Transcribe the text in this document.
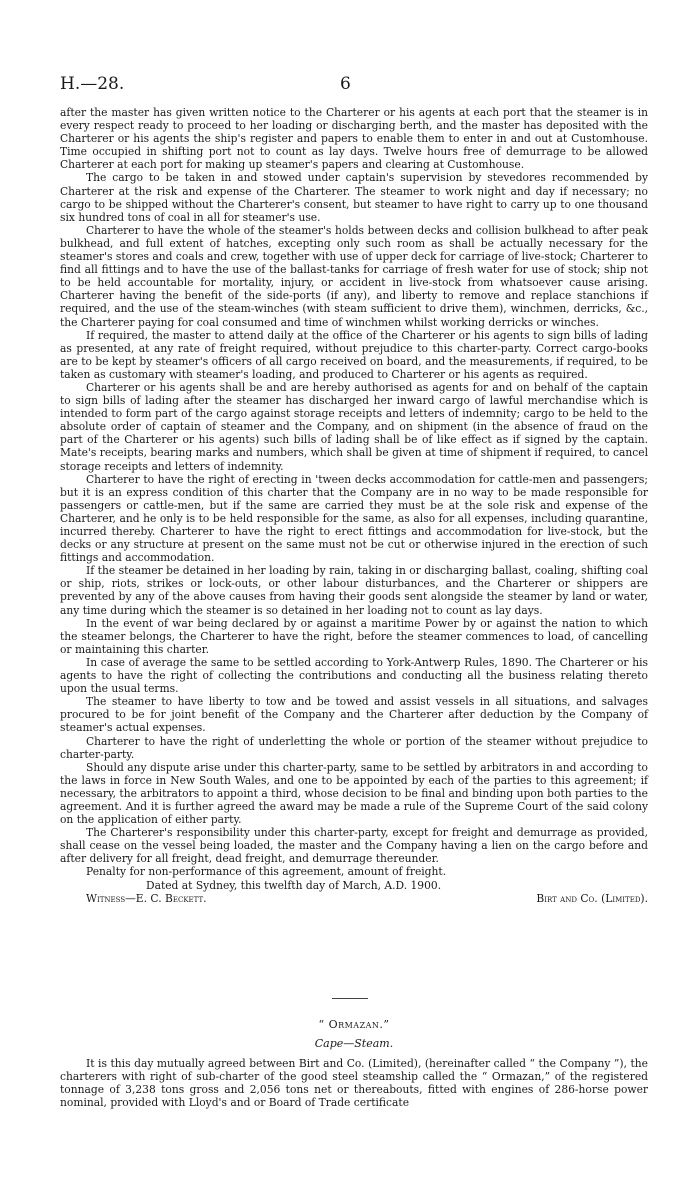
H.—28.	6

after the master has given written notice to the Charterer or his agents at each port that the steamer is in every respect ready to proceed to her loading or discharging berth, and the master has deposited with the Charterer or his agents the ship's register and papers to enable them to enter in and out at Customhouse. Time occupied in shifting port not to count as lay days. Twelve hours free of demurrage to be allowed Charterer at each port for making up steamer's papers and clearing at Customhouse.

The cargo to be taken in and stowed under captain's supervision by stevedores recommended by Charterer at the risk and expense of the Charterer. The steamer to work night and day if necessary; no cargo to be shipped without the Charterer's consent, but steamer to have right to carry up to one thousand six hundred tons of coal in all for steamer's use.

Charterer to have the whole of the steamer's holds between decks and collision bulkhead to after peak bulkhead, and full extent of hatches, excepting only such room as shall be actually necessary for the steamer's stores and coals and crew, together with use of upper deck for carriage of live-stock; Charterer to find all fittings and to have the use of the ballast-tanks for carriage of fresh water for use of stock; ship not to be held accountable for mortality, injury, or accident in live-stock from whatsoever cause arising. Charterer having the benefit of the side-ports (if any), and liberty to remove and replace stanchions if required, and the use of the steam-winches (with steam sufficient to drive them), winchmen, derricks, &c., the Charterer paying for coal consumed and time of winchmen whilst working derricks or winches.

If required, the master to attend daily at the office of the Charterer or his agents to sign bills of lading as presented, at any rate of freight required, without prejudice to this charter-party. Correct cargo-books are to be kept by steamer's officers of all cargo received on board, and the measurements, if required, to be taken as customary with steamer's loading, and produced to Charterer or his agents as required.

Charterer or his agents shall be and are hereby authorised as agents for and on behalf of the captain to sign bills of lading after the steamer has discharged her inward cargo of lawful merchandise which is intended to form part of the cargo against storage receipts and letters of indemnity; cargo to be held to the absolute order of captain of steamer and the Company, and on shipment (in the absence of fraud on the part of the Charterer or his agents) such bills of lading shall be of like effect as if signed by the captain. Mate's receipts, bearing marks and numbers, which shall be given at time of shipment if required, to cancel storage receipts and letters of indemnity.

Charterer to have the right of erecting in 'tween decks accommodation for cattle-men and passengers; but it is an express condition of this charter that the Company are in no way to be made responsible for passengers or cattle-men, but if the same are carried they must be at the sole risk and expense of the Charterer, and he only is to be held responsible for the same, as also for all expenses, including quarantine, incurred thereby. Charterer to have the right to erect fittings and accommodation for live-stock, but the decks or any structure at present on the same must not be cut or otherwise injured in the erection of such fittings and accommodation.

If the steamer be detained in her loading by rain, taking in or discharging ballast, coaling, shifting coal or ship, riots, strikes or lock-outs, or other labour disturbances, and the Charterer or shippers are prevented by any of the above causes from having their goods sent alongside the steamer by land or water, any time during which the steamer is so detained in her loading not to count as lay days.

In the event of war being declared by or against a maritime Power by or against the nation to which the steamer belongs, the Charterer to have the right, before the steamer commences to load, of cancelling or maintaining this charter.

In case of average the same to be settled according to York-Antwerp Rules, 1890. The Charterer or his agents to have the right of collecting the contributions and conducting all the business relating thereto upon the usual terms.

The steamer to have liberty to tow and be towed and assist vessels in all situations, and salvages procured to be for joint benefit of the Company and the Charterer after deduction by the Company of steamer's actual expenses.

Charterer to have the right of underletting the whole or portion of the steamer without prejudice to charter-party.

Should any dispute arise under this charter-party, same to be settled by arbitrators in and according to the laws in force in New South Wales, and one to be appointed by each of the parties to this agreement; if necessary, the arbitrators to appoint a third, whose decision to be final and binding upon both parties to the agreement. And it is further agreed the award may be made a rule of the Supreme Court of the said colony on the application of either party.

The Charterer's responsibility under this charter-party, except for freight and demurrage as provided, shall cease on the vessel being loaded, the master and the Company having a lien on the cargo before and after delivery for all freight, dead freight, and demurrage thereunder.

Penalty for non-performance of this agreement, amount of freight.

Dated at Sydney, this twelfth day of March, A.D. 1900.

Witness—E. C. Beckett.	Birt and Co. (Limited).
“ Ormazan.”
Cape—Steam.

It is this day mutually agreed between Birt and Co. (Limited), (hereinafter called “ the Company ”), the charterers with right of sub-charter of the good steel steamship called the “ Ormazan,” of the registered tonnage of 3,238 tons gross and 2,056 tons net or thereabouts, fitted with engines of 286-horse power nominal, provided with Lloyd's and or Board of Trade certificate
